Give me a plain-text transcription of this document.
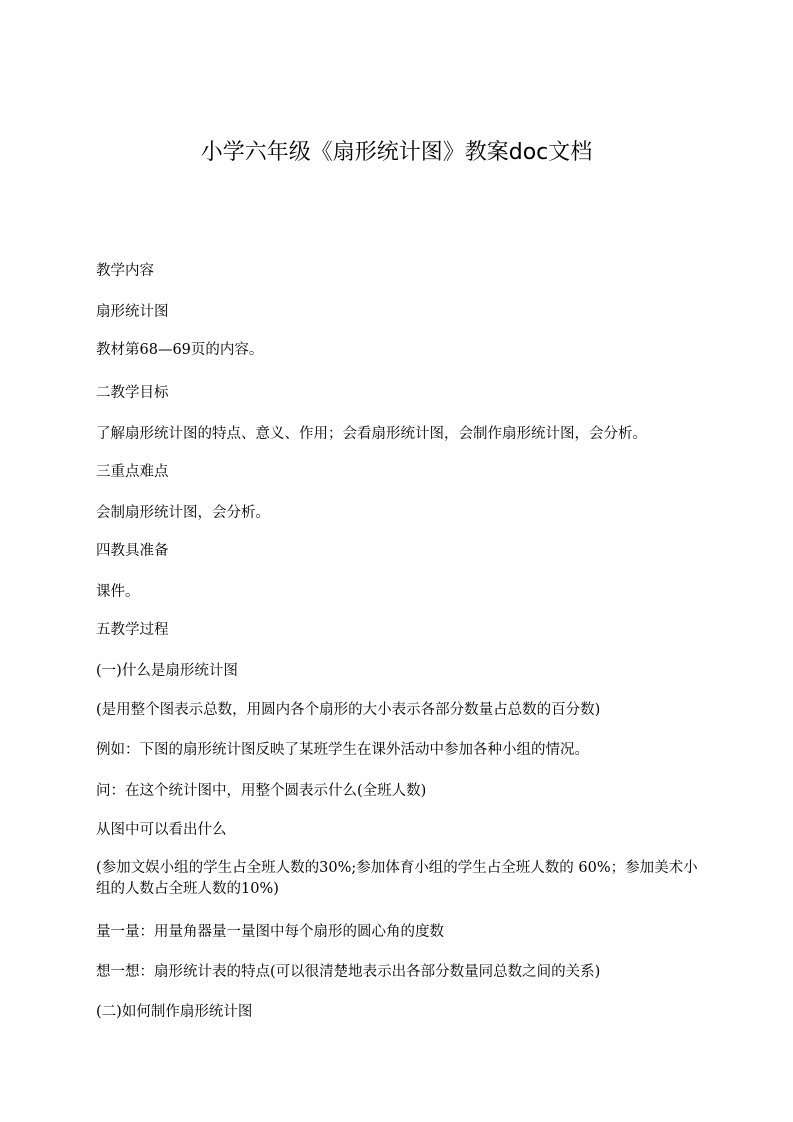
小学六年级《扇形统计图》教案doc文档

教学内容

扇形统计图

教材第68—69页的内容。

二教学目标

了解扇形统计图的特点、意义、作用；会看扇形统计图，会制作扇形统计图，会分析。

三重点难点

会制扇形统计图，会分析。

四教具准备

课件。

五教学过程

(一)什么是扇形统计图

(是用整个图表示总数，用圆内各个扇形的大小表示各部分数量占总数的百分数)

例如：下图的扇形统计图反映了某班学生在课外活动中参加各种小组的情况。

问：在这个统计图中，用整个圆表示什么(全班人数)

从图中可以看出什么

(参加文娱小组的学生占全班人数的30%;参加体育小组的学生占全班人数的 60%；参加美术小组的人数占全班人数的10%)

量一量：用量角器量一量图中每个扇形的圆心角的度数

想一想：扇形统计表的特点(可以很清楚地表示出各部分数量同总数之间的关系)

(二)如何制作扇形统计图
